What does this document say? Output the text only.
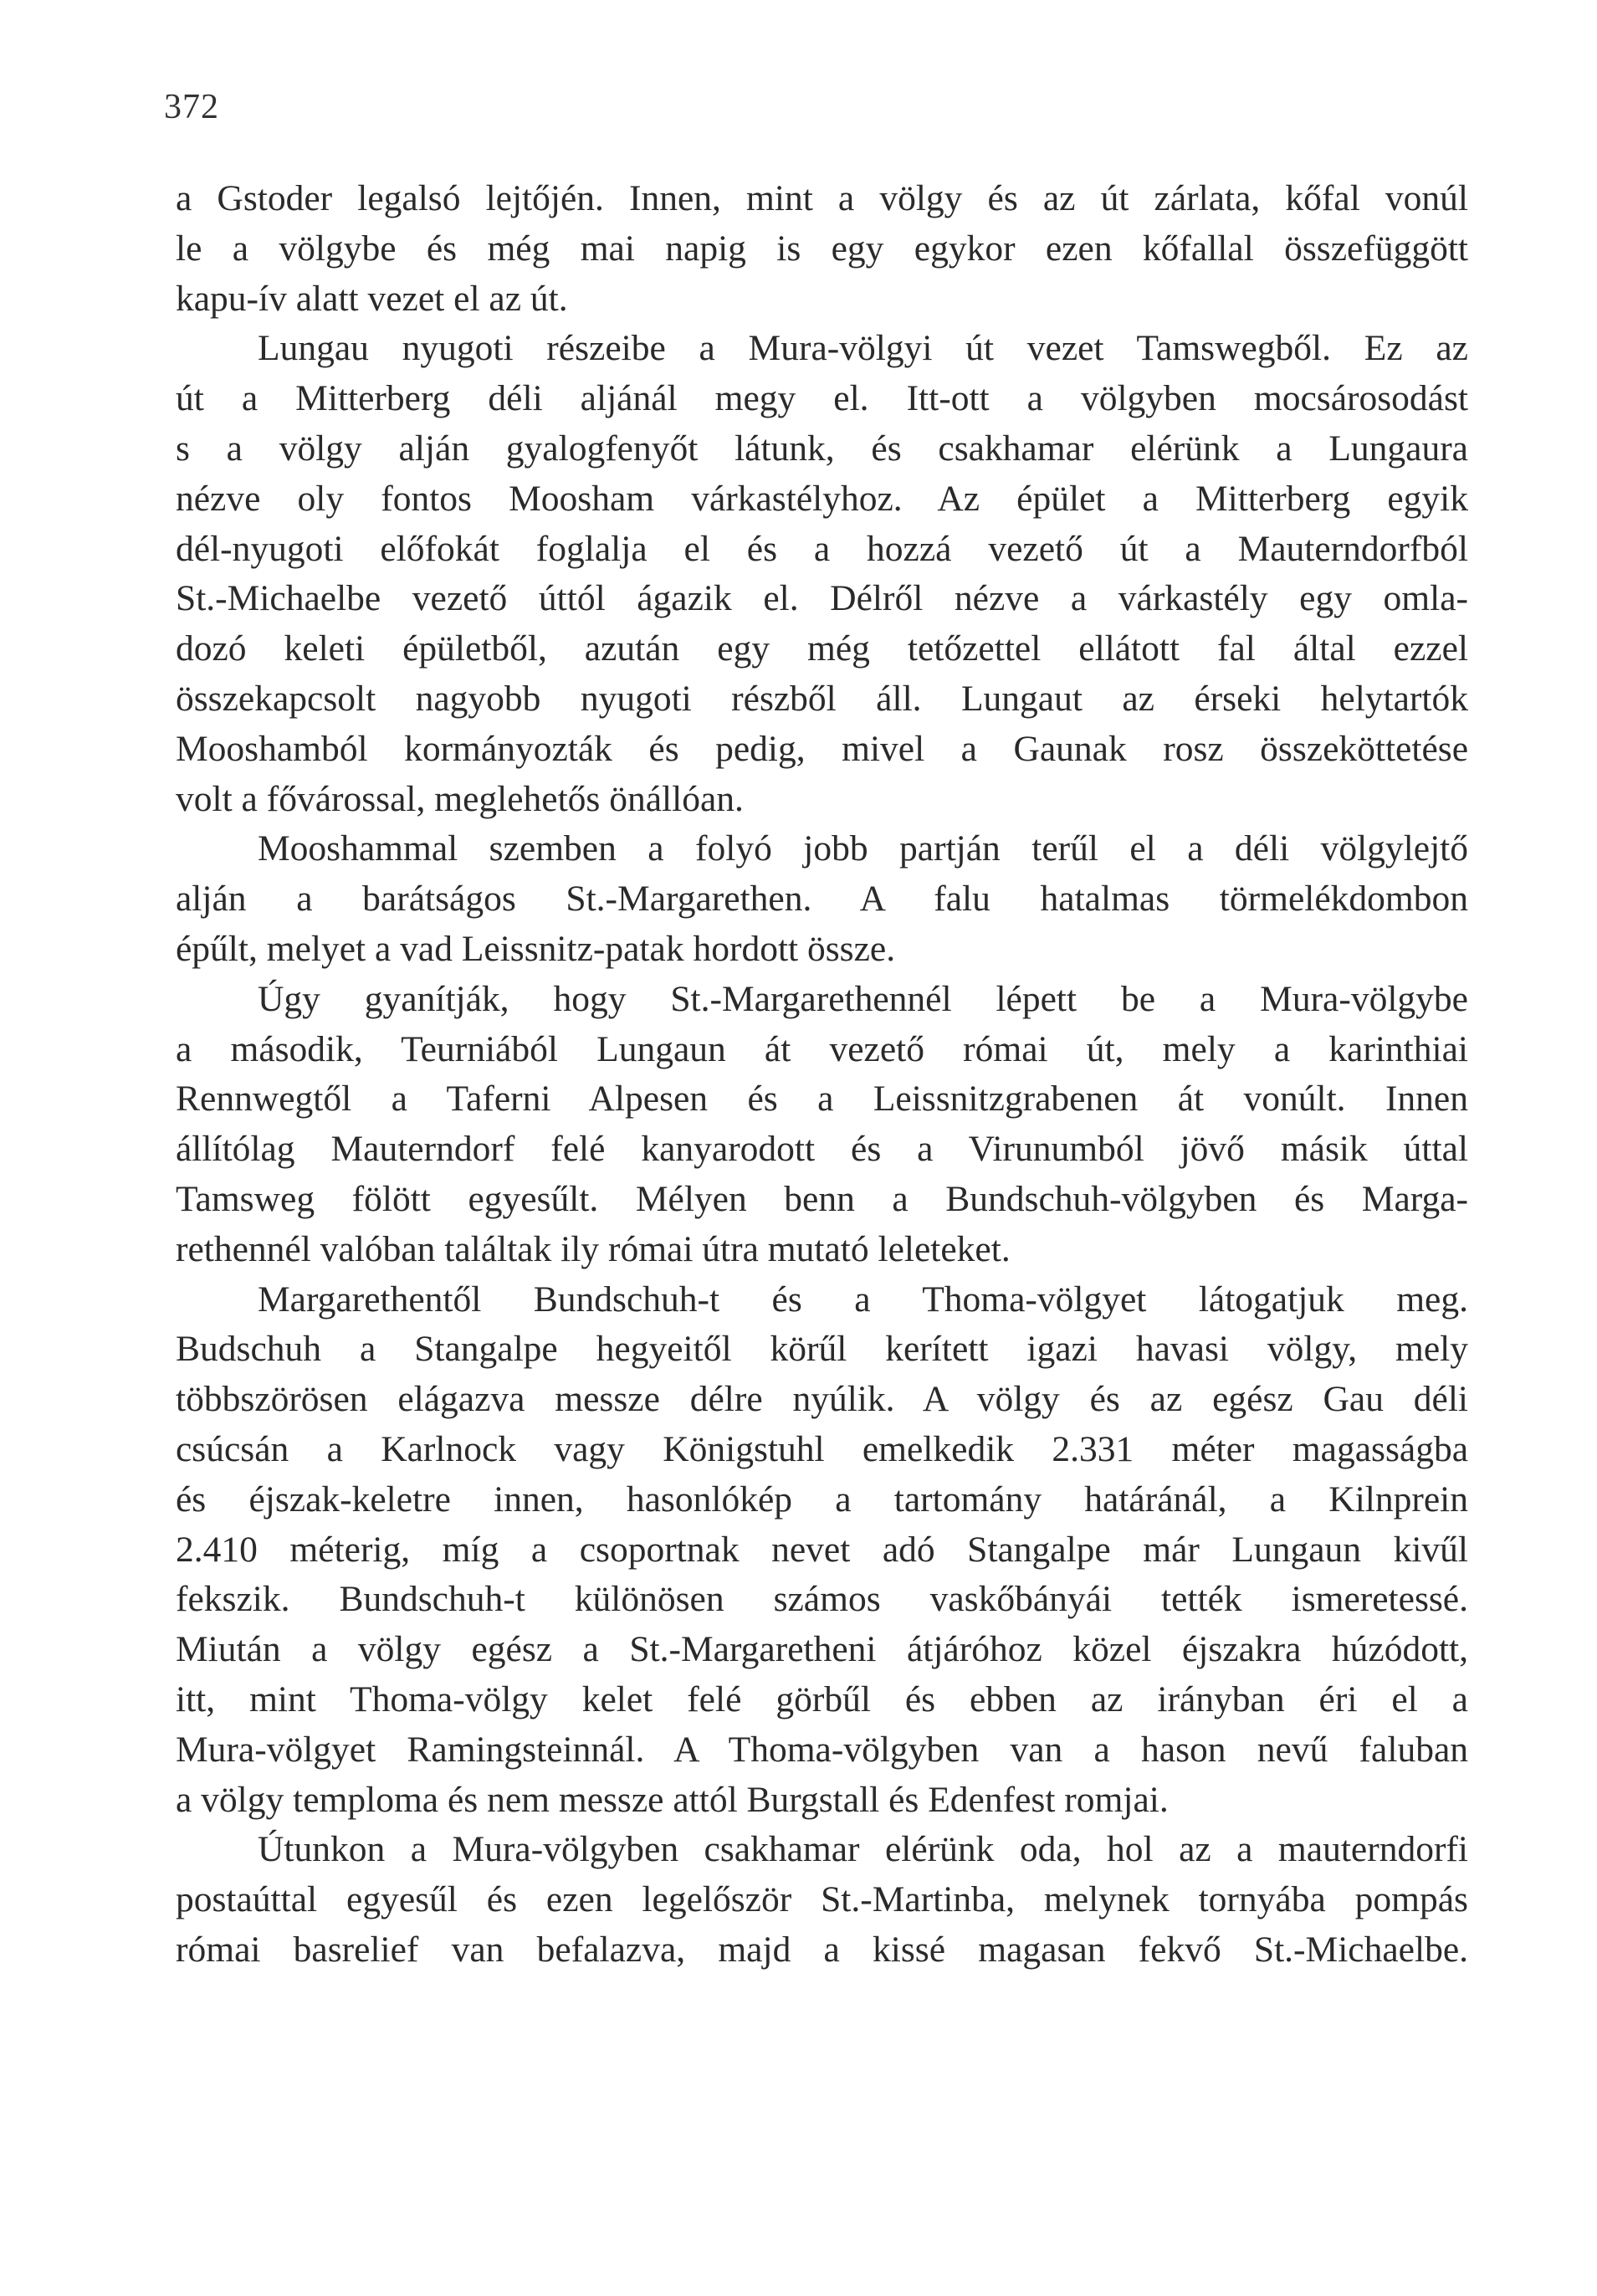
372
a Gstoder legalsó lejtőjén. Innen, mint a völgy és az út zárlata, kőfal vonúl
le a völgybe és még mai napig is egy egykor ezen kőfallal összefüggött
kapu-ív alatt vezet el az út.
Lungau nyugoti részeibe a Mura-völgyi út vezet Tamswegből. Ez az
út a Mitterberg déli aljánál megy el. Itt-ott a völgyben mocsárosodást
s a völgy alján gyalogfenyőt látunk, és csakhamar elérünk a Lungaura
nézve oly fontos Moosham várkastélyhoz. Az épület a Mitterberg egyik
dél-nyugoti előfokát foglalja el és a hozzá vezető út a Mauterndorfból
St.-Michaelbe vezető úttól ágazik el. Délről nézve a várkastély egy omla-
dozó keleti épületből, azután egy még tetőzettel ellátott fal által ezzel
összekapcsolt nagyobb nyugoti részből áll. Lungaut az érseki helytartók
Mooshamból kormányozták és pedig, mivel a Gaunak rosz összeköttetése
volt a fővárossal, meglehetős önállóan.
Mooshammal szemben a folyó jobb partján terűl el a déli völgylejtő
alján a barátságos St.-Margarethen. A falu hatalmas törmelékdombon
épűlt, melyet a vad Leissnitz-patak hordott össze.
Úgy gyanítják, hogy St.-Margarethennél lépett be a Mura-völgybe
a második, Teurniából Lungaun át vezető római út, mely a karinthiai
Rennwegtől a Taferni Alpesen és a Leissnitzgrabenen át vonúlt. Innen
állítólag Mauterndorf felé kanyarodott és a Virunumból jövő másik úttal
Tamsweg fölött egyesűlt. Mélyen benn a Bundschuh-völgyben és Marga-
rethennél valóban találtak ily római útra mutató leleteket.
Margarethentől Bundschuh-t és a Thoma-völgyet látogatjuk meg.
Budschuh a Stangalpe hegyeitől körűl kerített igazi havasi völgy, mely
többszörösen elágazva messze délre nyúlik. A völgy és az egész Gau déli
csúcsán a Karlnock vagy Königstuhl emelkedik 2.331 méter magasságba
és éjszak-keletre innen, hasonlókép a tartomány határánál, a Kilnprein
2.410 méterig, míg a csoportnak nevet adó Stangalpe már Lungaun kivűl
fekszik. Bundschuh-t különösen számos vaskőbányái tették ismeretessé.
Miután a völgy egész a St.-Margaretheni átjáróhoz közel éjszakra húzódott,
itt, mint Thoma-völgy kelet felé görbűl és ebben az irányban éri el a
Mura-völgyet Ramingsteinnál. A Thoma-völgyben van a hason nevű faluban
a völgy temploma és nem messze attól Burgstall és Edenfest romjai.
Útunkon a Mura-völgyben csakhamar elérünk oda, hol az a mauterndorfi
postaúttal egyesűl és ezen legelőször St.-Martinba, melynek tornyába pompás
római basrelief van befalazva, majd a kissé magasan fekvő St.-Michaelbe.
